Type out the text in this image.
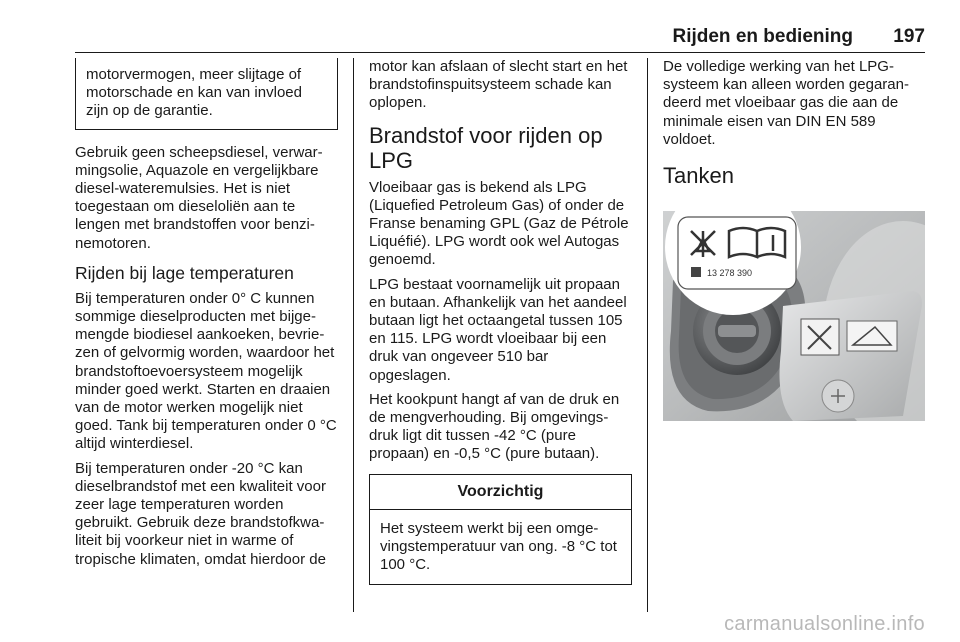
Rijden en bediening 197

motorvermogen, meer slijtage of motorschade en kan van invloed zijn op de garantie.

Gebruik geen scheepsdiesel, verwarmingsolie, Aquazole en vergelijkbare diesel-wateremulsies. Het is niet toegestaan om dieseloliën aan te lengen met brandstoffen voor benzinemotoren.

Rijden bij lage temperaturen

Bij temperaturen onder 0° C kunnen sommige dieselproducten met bijgemengde biodiesel aankoeken, bevriezen of gelvormig worden, waardoor het brandstoftoevoersysteem mogelijk minder goed werkt. Starten en draaien van de motor werken mogelijk niet goed. Tank bij temperaturen onder 0 °C altijd winterdiesel.

Bij temperaturen onder -20 °C kan dieselbrandstof met een kwaliteit voor zeer lage temperaturen worden gebruikt. Gebruik deze brandstofkwaliteit bij voorkeur niet in warme of tropische klimaten, omdat hierdoor de

motor kan afslaan of slecht start en het brandstofinspuitsysteem schade kan oplopen.

Brandstof voor rijden op LPG

Vloeibaar gas is bekend als LPG (Liquefied Petroleum Gas) of onder de Franse benaming GPL (Gaz de Pétrole Liquéfié). LPG wordt ook wel Autogas genoemd.

LPG bestaat voornamelijk uit propaan en butaan. Afhankelijk van het aandeel butaan ligt het octaangetal tussen 105 en 115. LPG wordt vloeibaar bij een druk van ongeveer 510 bar opgeslagen.

Het kookpunt hangt af van de druk en de mengverhouding. Bij omgevingsdruk ligt dit tussen -42 °C (pure propaan) en -0,5 °C (pure butaan).

Voorzichtig

Het systeem werkt bij een omgevingstemperatuur van ong. -8 °C tot 100 °C.

De volledige werking van het LPG-systeem kan alleen worden gegarandeerd met vloeibaar gas die aan de minimale eisen van DIN EN 589 voldoet.

Tanken
13 278 390
carmanualsonline.info
